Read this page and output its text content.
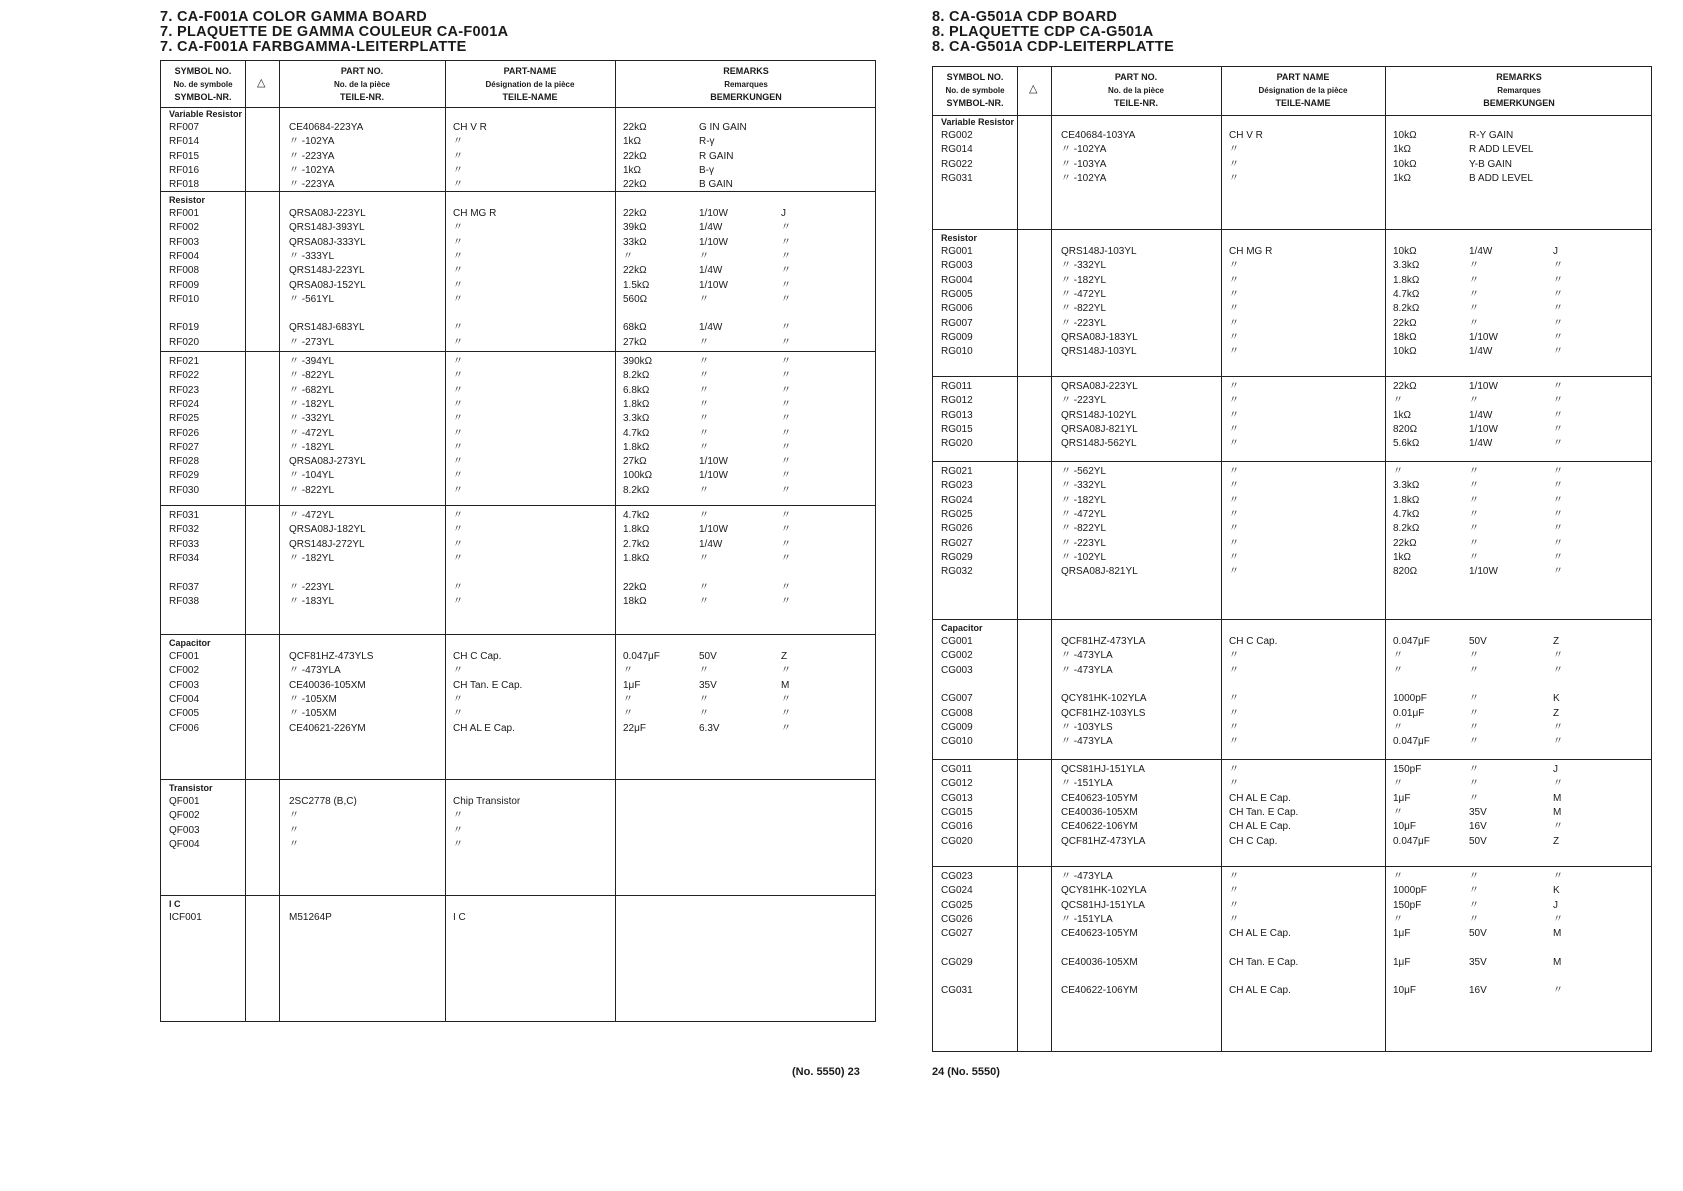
7. CA-F001A COLOR GAMMA BOARD
7. PLAQUETTE DE GAMMA COULEUR CA-F001A
7. CA-F001A FARBGAMMA-LEITERPLATTE
SYMBOL NO.
No. de symbole
SYMBOL-NR.
PART NO.
No. de la pièce
TEILE-NR.
PART-NAME
Désignation de la pièce
TEILE-NAME
REMARKS
Remarques
BEMERKUNGEN
△
Variable Resistor
RF007	CE40684-223YA	CH V R	22kΩ	G IN GAIN
RF014	〃 -102YA	〃	1kΩ	R-γ
RF015	〃 -223YA	〃	22kΩ	R GAIN
RF016	〃 -102YA	〃	1kΩ	B-γ
RF018	〃 -223YA	〃	22kΩ	B GAIN
Resistor
RF001	QRSA08J-223YL	CH MG R	22kΩ	1/10W	J
RF002	QRS148J-393YL	〃	39kΩ	1/4W	〃
RF003	QRSA08J-333YL	〃	33kΩ	1/10W	〃
RF004	〃 -333YL	〃	〃	〃	〃
RF008	QRS148J-223YL	〃	22kΩ	1/4W	〃
RF009	QRSA08J-152YL	〃	1.5kΩ	1/10W	〃
RF010	〃 -561YL	〃	560Ω	〃	〃
RF019	QRS148J-683YL	〃	68kΩ	1/4W	〃
RF020	〃 -273YL	〃	27kΩ	〃	〃
RF021	〃 -394YL	〃	390kΩ	〃	〃
RF022	〃 -822YL	〃	8.2kΩ	〃	〃
RF023	〃 -682YL	〃	6.8kΩ	〃	〃
RF024	〃 -182YL	〃	1.8kΩ	〃	〃
RF025	〃 -332YL	〃	3.3kΩ	〃	〃
RF026	〃 -472YL	〃	4.7kΩ	〃	〃
RF027	〃 -182YL	〃	1.8kΩ	〃	〃
RF028	QRSA08J-273YL	〃	27kΩ	1/10W	〃
RF029	〃 -104YL	〃	100kΩ	1/10W	〃
RF030	〃 -822YL	〃	8.2kΩ	〃	〃
RF031	〃 -472YL	〃	4.7kΩ	〃	〃
RF032	QRSA08J-182YL	〃	1.8kΩ	1/10W	〃
RF033	QRS148J-272YL	〃	2.7kΩ	1/4W	〃
RF034	〃 -182YL	〃	1.8kΩ	〃	〃
RF037	〃 -223YL	〃	22kΩ	〃	〃
RF038	〃 -183YL	〃	18kΩ	〃	〃
Capacitor
CF001	QCF81HZ-473YLS	CH C Cap.	0.047μF	50V	Z
CF002	〃 -473YLA	〃	〃	〃	〃
CF003	CE40036-105XM	CH Tan. E Cap.	1μF	35V	M
CF004	〃 -105XM	〃	〃	〃	〃
CF005	〃 -105XM	〃	〃	〃	〃
CF006	CE40621-226YM	CH AL E Cap.	22μF	6.3V	〃
Transistor
QF001	2SC2778 (B,C)	Chip Transistor
QF002	〃	〃
QF003	〃	〃
QF004	〃	〃
I C
ICF001	M51264P	I C
(No. 5550) 23
8. CA-G501A CDP BOARD
8. PLAQUETTE CDP CA-G501A
8. CA-G501A CDP-LEITERPLATTE
SYMBOL NO.
No. de symbole
SYMBOL-NR.
PART NO.
No. de la pièce
TEILE-NR.
PART NAME
Désignation de la pièce
TEILE-NAME
REMARKS
Remarques
BEMERKUNGEN
△
Variable Resistor
RG002	CE40684-103YA	CH V R	10kΩ	R-Y GAIN
RG014	〃 -102YA	〃	1kΩ	R ADD LEVEL
RG022	〃 -103YA	〃	10kΩ	Y-B GAIN
RG031	〃 -102YA	〃	1kΩ	B ADD LEVEL
Resistor
RG001	QRS148J-103YL	CH MG R	10kΩ	1/4W	J
RG003	〃 -332YL	〃	3.3kΩ	〃	〃
RG004	〃 -182YL	〃	1.8kΩ	〃	〃
RG005	〃 -472YL	〃	4.7kΩ	〃	〃
RG006	〃 -822YL	〃	8.2kΩ	〃	〃
RG007	〃 -223YL	〃	22kΩ	〃	〃
RG009	QRSA08J-183YL	〃	18kΩ	1/10W	〃
RG010	QRS148J-103YL	〃	10kΩ	1/4W	〃
RG011	QRSA08J-223YL	〃	22kΩ	1/10W	〃
RG012	〃 -223YL	〃	〃	〃	〃
RG013	QRS148J-102YL	〃	1kΩ	1/4W	〃
RG015	QRSA08J-821YL	〃	820Ω	1/10W	〃
RG020	QRS148J-562YL	〃	5.6kΩ	1/4W	〃
RG021	〃 -562YL	〃	〃	〃	〃
RG023	〃 -332YL	〃	3.3kΩ	〃	〃
RG024	〃 -182YL	〃	1.8kΩ	〃	〃
RG025	〃 -472YL	〃	4.7kΩ	〃	〃
RG026	〃 -822YL	〃	8.2kΩ	〃	〃
RG027	〃 -223YL	〃	22kΩ	〃	〃
RG029	〃 -102YL	〃	1kΩ	〃	〃
RG032	QRSA08J-821YL	〃	820Ω	1/10W	〃
Capacitor
CG001	QCF81HZ-473YLA	CH C Cap.	0.047μF	50V	Z
CG002	〃 -473YLA	〃	〃	〃	〃
CG003	〃 -473YLA	〃	〃	〃	〃
CG007	QCY81HK-102YLA	〃	1000pF	〃	K
CG008	QCF81HZ-103YLS	〃	0.01μF	〃	Z
CG009	〃 -103YLS	〃	〃	〃	〃
CG010	〃 -473YLA	〃	0.047μF	〃	〃
CG011	QCS81HJ-151YLA	〃	150pF	〃	J
CG012	〃 -151YLA	〃	〃	〃	〃
CG013	CE40623-105YM	CH AL E Cap.	1μF	〃	M
CG015	CE40036-105XM	CH Tan. E Cap.	〃	35V	M
CG016	CE40622-106YM	CH AL E Cap.	10μF	16V	〃
CG020	QCF81HZ-473YLA	CH C Cap.	0.047μF	50V	Z
CG023	〃 -473YLA	〃	〃	〃	〃
CG024	QCY81HK-102YLA	〃	1000pF	〃	K
CG025	QCS81HJ-151YLA	〃	150pF	〃	J
CG026	〃 -151YLA	〃	〃	〃	〃
CG027	CE40623-105YM	CH AL E Cap.	1μF	50V	M
CG029	CE40036-105XM	CH Tan. E Cap.	1μF	35V	M
CG031	CE40622-106YM	CH AL E Cap.	10μF	16V	〃
24 (No. 5550)
